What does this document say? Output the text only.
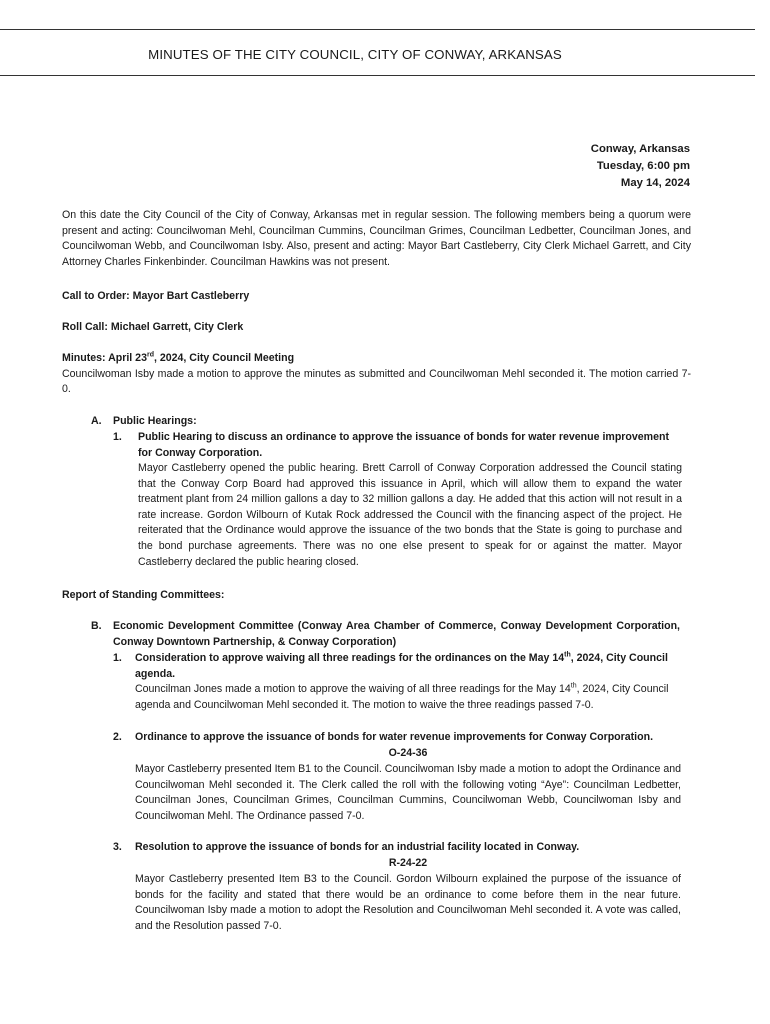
MINUTES OF THE CITY COUNCIL, CITY OF CONWAY, ARKANSAS
Conway, Arkansas
Tuesday, 6:00 pm
May 14, 2024

On this date the City Council of the City of Conway, Arkansas met in regular session. The following members being a quorum were present and acting: Councilwoman Mehl, Councilman Cummins, Councilman Grimes, Councilman Ledbetter, Councilman Jones, and Councilwoman Webb, and Councilwoman Isby. Also, present and acting: Mayor Bart Castleberry, City Clerk Michael Garrett, and City Attorney Charles Finkenbinder. Councilman Hawkins was not present.

Call to Order: Mayor Bart Castleberry
Roll Call: Michael Garrett, City Clerk

Minutes: April 23rd, 2024, City Council Meeting

Councilwoman Isby made a motion to approve the minutes as submitted and Councilwoman Mehl seconded it. The motion carried 7-0.

A. Public Hearings:
1. Public Hearing to discuss an ordinance to approve the issuance of bonds for water revenue improvement for Conway Corporation.
Mayor Castleberry opened the public hearing. Brett Carroll of Conway Corporation addressed the Council stating that the Conway Corp Board had approved this issuance in April, which will allow them to expand the water treatment plant from 24 million gallons a day to 32 million gallons a day. He added that this action will not result in a rate increase. Gordon Wilbourn of Kutak Rock addressed the Council with the financing aspect of the project. He reiterated that the Ordinance would approve the issuance of the two bonds that the State is going to purchase and the bond purchase agreements. There was no one else present to speak for or against the matter. Mayor Castleberry declared the public hearing closed.
Report of Standing Committees:
B. Economic Development Committee (Conway Area Chamber of Commerce, Conway Development Corporation, Conway Downtown Partnership, & Conway Corporation)
1. Consideration to approve waiving all three readings for the ordinances on the May 14th, 2024, City Council agenda.
Councilman Jones made a motion to approve the waiving of all three readings for the May 14th, 2024, City Council agenda and Councilwoman Mehl seconded it. The motion to waive the three readings passed 7-0.
2. Ordinance to approve the issuance of bonds for water revenue improvements for Conway Corporation.
O-24-36
Mayor Castleberry presented Item B1 to the Council. Councilwoman Isby made a motion to adopt the Ordinance and Councilwoman Mehl seconded it. The Clerk called the roll with the following voting “Aye”: Councilman Ledbetter, Councilman Jones, Councilman Grimes, Councilman Cummins, Councilwoman Webb, Councilwoman Isby and Councilwoman Mehl. The Ordinance passed 7-0.
3. Resolution to approve the issuance of bonds for an industrial facility located in Conway.
R-24-22
Mayor Castleberry presented Item B3 to the Council. Gordon Wilbourn explained the purpose of the issuance of bonds for the facility and stated that there would be an ordinance to come before them in the near future. Councilwoman Isby made a motion to adopt the Resolution and Councilwoman Mehl seconded it. A vote was called, and the Resolution passed 7-0.
